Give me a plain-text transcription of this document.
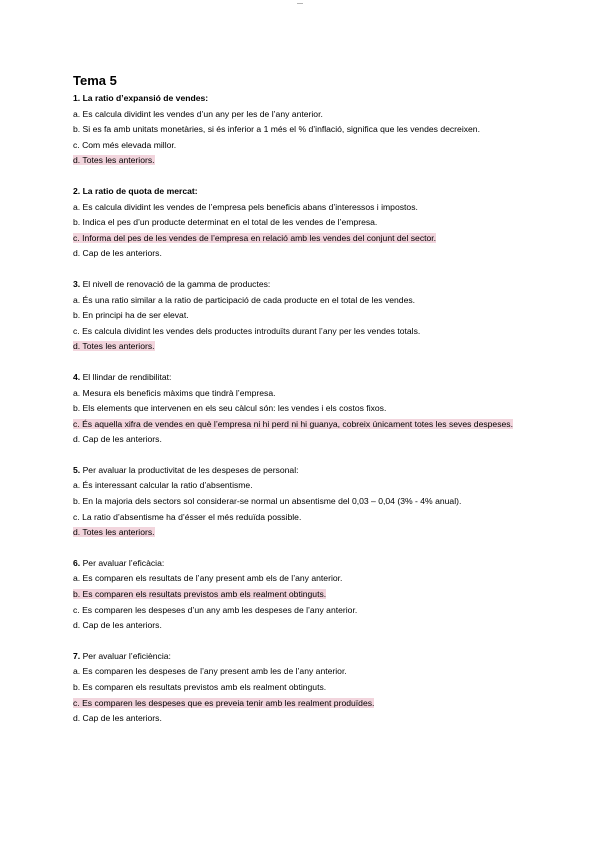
—
Tema 5
1. La ratio d’expansió de vendes:
a. Es calcula dividint les vendes d’un any per les de l’any anterior.
b. Si es fa amb unitats monetàries, si és inferior a 1 més el % d’inflació, significa que les vendes decreixen.
c. Com més elevada millor.
d. Totes les anteriors.
2. La ratio de quota de mercat:
a. Es calcula dividint les vendes de l’empresa pels beneficis abans d’interessos i impostos.
b. Indica el pes d’un producte determinat en el total de les vendes de l’empresa.
c. Informa del pes de les vendes de l’empresa en relació amb les vendes del conjunt del sector.
d. Cap de les anteriors.
3. El nivell de renovació de la gamma de productes:
a. És una ratio similar a la ratio de participació de cada producte en el total de les vendes.
b. En principi ha de ser elevat.
c. Es calcula dividint les vendes dels productes introduïts durant l’any per les vendes totals.
d. Totes les anteriors.
4. El llindar de rendibilitat:
a. Mesura els beneficis màxims que tindrà l’empresa.
b. Els elements que intervenen en els seu càlcul són: les vendes i els costos fixos.
c. És aquella xifra de vendes en què l’empresa ni hi perd ni hi guanya, cobreix únicament totes les seves despeses.
d. Cap de les anteriors.
5. Per avaluar la productivitat de les despeses de personal:
a. És interessant calcular la ratio d’absentisme.
b. En la majoria dels sectors sol considerar-se normal un absentisme del 0,03 – 0,04 (3% - 4% anual).
c. La ratio d’absentisme ha d’ésser el més reduïda possible.
d. Totes les anteriors.
6. Per avaluar l’eficàcia:
a. Es comparen els resultats de l’any present amb els de l’any anterior.
b. Es comparen els resultats previstos amb els realment obtinguts.
c. Es comparen les despeses d’un any amb les despeses de l’any anterior.
d. Cap de les anteriors.
7. Per avaluar l’eficiència:
a. Es comparen les despeses de l’any present amb les de l’any anterior.
b. Es comparen els resultats previstos amb els realment obtinguts.
c. Es comparen les despeses que es preveia tenir amb les realment produïdes.
d. Cap de les anteriors.
